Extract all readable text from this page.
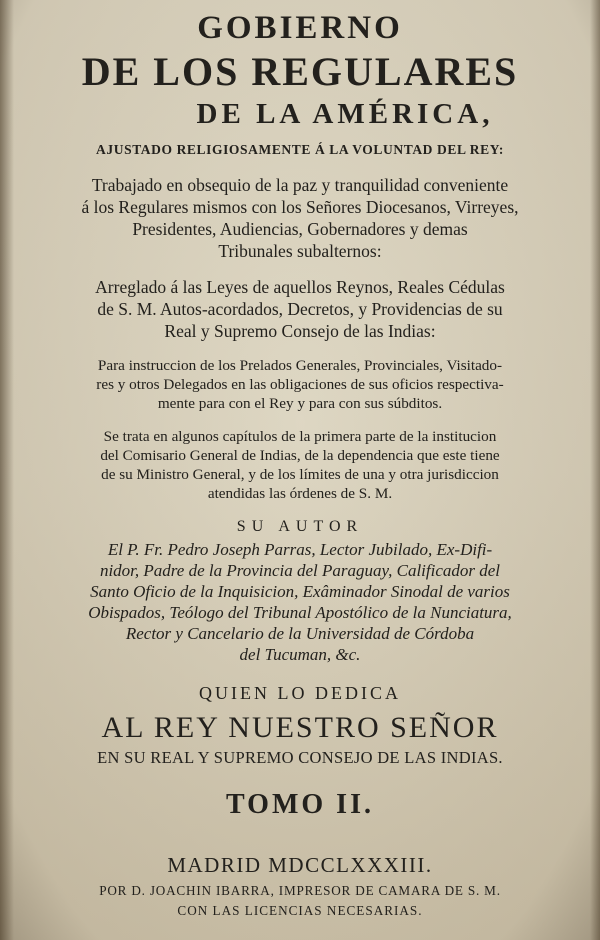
GOBIERNO
DE LOS REGULARES
DE LA AMÉRICA,
AJUSTADO RELIGIOSAMENTE Á LA VOLUNTAD DEL REY:
Trabajado en obsequio de la paz y tranquilidad conveniente
á los Regulares mismos con los Señores Diocesanos, Virreyes,
Presidentes, Audiencias, Gobernadores y demas
Tribunales subalternos:
Arreglado á las Leyes de aquellos Reynos, Reales Cédulas
de S. M. Autos-acordados, Decretos, y Providencias de su
Real y Supremo Consejo de las Indias:
Para instruccion de los Prelados Generales, Provinciales, Visitado-
res y otros Delegados en las obligaciones de sus oficios respectiva-
mente para con el Rey y para con sus súbditos.
Se trata en algunos capítulos de la primera parte de la institucion
del Comisario General de Indias, de la dependencia que este tiene
de su Ministro General, y de los límites de una y otra jurisdiccion
atendidas las órdenes de S. M.
SU AUTOR
El P. Fr. Pedro Joseph Parras, Lector Jubilado, Ex-Difi-
nidor, Padre de la Provincia del Paraguay, Calificador del
Santo Oficio de la Inquisicion, Exâminador Sinodal de varios
Obispados, Teólogo del Tribunal Apostólico de la Nunciatura,
Rector y Cancelario de la Universidad de Córdoba
del Tucuman, &c.
QUIEN LO DEDICA
AL REY NUESTRO SEÑOR
EN SU REAL Y SUPREMO CONSEJO DE LAS INDIAS.
TOMO II.
MADRID MDCCLXXXIII.
POR D. JOACHIN IBARRA, IMPRESOR DE CAMARA DE S. M.
CON LAS LICENCIAS NECESARIAS.
